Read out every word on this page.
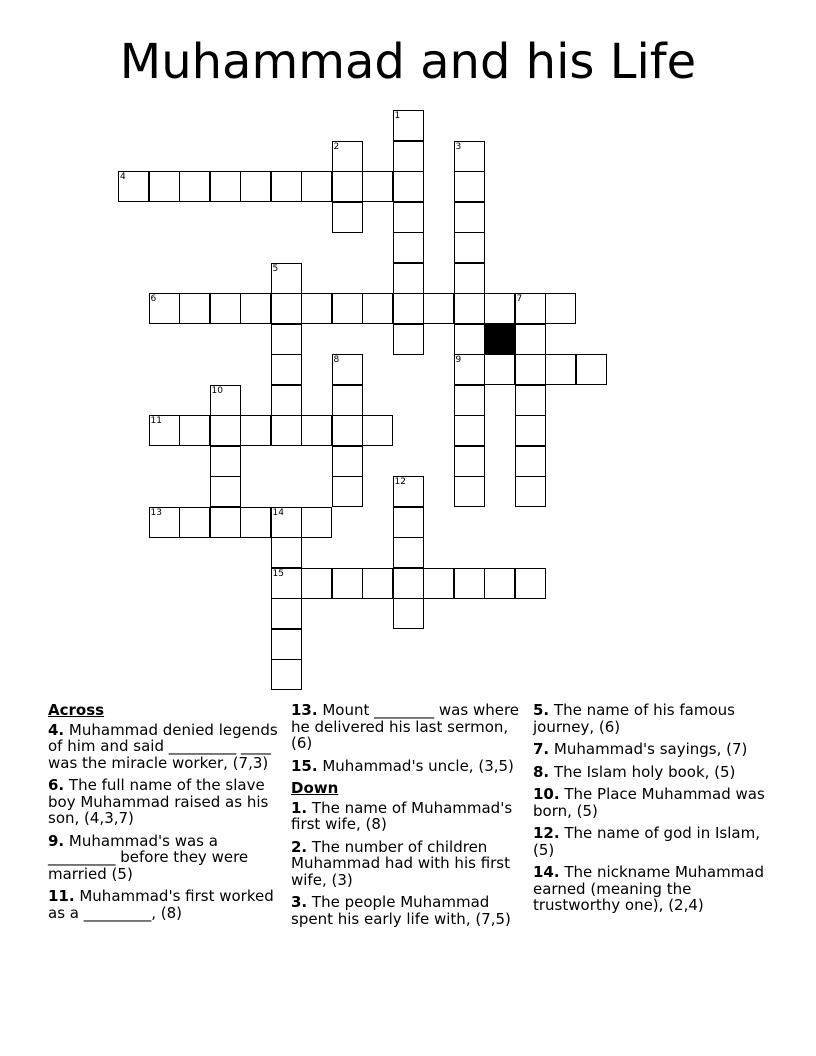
Muhammad and his Life
1
2	3
4
5
6	7
8	9
10
11
12
13	14
15
Across
4. Muhammad denied legends of him and said _________ ____ was the miracle worker, (7,3)
6. The full name of the slave boy Muhammad raised as his son, (4,3,7)
9. Muhammad's was a _________ before they were married (5)
11. Muhammad's first worked as a _________, (8)
13. Mount ________ was where he delivered his last sermon, (6)
15. Muhammad's uncle, (3,5)
Down
1. The name of Muhammad's first wife, (8)
2. The number of children Muhammad had with his first wife, (3)
3. The people Muhammad spent his early life with, (7,5)
5. The name of his famous journey, (6)
7. Muhammad's sayings, (7)
8. The Islam holy book, (5)
10. The Place Muhammad was born, (5)
12. The name of god in Islam, (5)
14. The nickname Muhammad earned (meaning the trustworthy one), (2,4)
